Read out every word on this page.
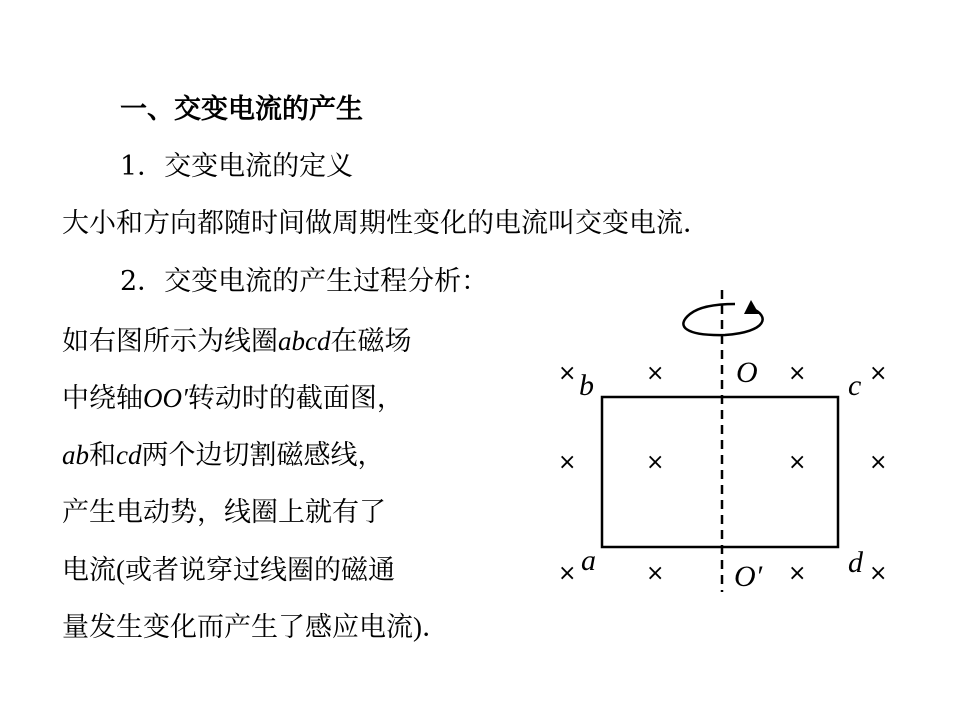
一、交变电流的产生
1．交变电流的定义
大小和方向都随时间做周期性变化的电流叫交变电流．
2．交变电流的产生过程分析：
如右图所示为线圈abcd在磁场
中绕轴OO′转动时的截面图，
ab和cd两个边切割磁感线，
产生电动势，线圈上就有了
电流(或者说穿过线圈的磁通
量发生变化而产生了感应电流)．
×	×	×	×
×	×	×	×
×	×	×	×
b	c
a	d
O
O′
